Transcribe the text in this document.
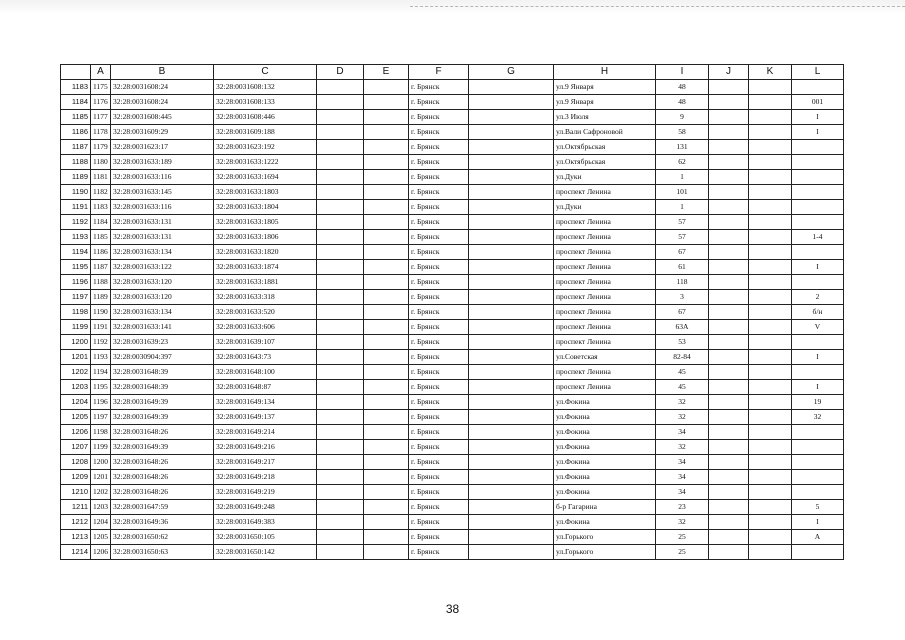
	A	B	C	D	E	F	G	H	I	J	K	L
1183	1175	32:28:0031608:24	32:28:0031608:132			г. Брянск		ул.9 Января	48			
1184	1176	32:28:0031608:24	32:28:0031608:133			г. Брянск		ул.9 Января	48			001
1185	1177	32:28:0031608:445	32:28:0031608:446			г. Брянск		ул.3 Июля	9			I
1186	1178	32:28:0031609:29	32:28:0031609:188			г. Брянск		ул.Вали Сафроновой	58			I
1187	1179	32:28:0031623:17	32:28:0031623:192			г. Брянск		ул.Октябрьская	131			
1188	1180	32:28:0031633:189	32:28:0031633:1222			г. Брянск		ул.Октябрьская	62			
1189	1181	32:28:0031633:116	32:28:0031633:1694			г. Брянск		ул.Дуки	1			
1190	1182	32:28:0031633:145	32:28:0031633:1803			г. Брянск		проспект Ленина	101			
1191	1183	32:28:0031633:116	32:28:0031633:1804			г. Брянск		ул.Дуки	1			
1192	1184	32:28:0031633:131	32:28:0031633:1805			г. Брянск		проспект Ленина	57			
1193	1185	32:28:0031633:131	32:28:0031633:1806			г. Брянск		проспект Ленина	57			1-4
1194	1186	32:28:0031633:134	32:28:0031633:1820			г. Брянск		проспект Ленина	67			
1195	1187	32:28:0031633:122	32:28:0031633:1874			г. Брянск		проспект Ленина	61			I
1196	1188	32:28:0031633:120	32:28:0031633:1881			г. Брянск		проспект Ленина	118			
1197	1189	32:28:0031633:120	32:28:0031633:318			г. Брянск		проспект Ленина	3			2
1198	1190	32:28:0031633:134	32:28:0031633:520			г. Брянск		проспект Ленина	67			б/н
1199	1191	32:28:0031633:141	32:28:0031633:606			г. Брянск		проспект Ленина	63А			V
1200	1192	32:28:0031639:23	32:28:0031639:107			г. Брянск		проспект Ленина	53			
1201	1193	32:28:0030904:397	32:28:0031643:73			г. Брянск		ул.Советская	82-84			I
1202	1194	32:28:0031648:39	32:28:0031648:100			г. Брянск		проспект Ленина	45			
1203	1195	32:28:0031648:39	32:28:0031648:87			г. Брянск		проспект Ленина	45			I
1204	1196	32:28:0031649:39	32:28:0031649:134			г. Брянск		ул.Фокина	32			19
1205	1197	32:28:0031649:39	32:28:0031649:137			г. Брянск		ул.Фокина	32			32
1206	1198	32:28:0031648:26	32:28:0031649:214			г. Брянск		ул.Фокина	34			
1207	1199	32:28:0031649:39	32:28:0031649:216			г. Брянск		ул.Фокина	32			
1208	1200	32:28:0031648:26	32:28:0031649:217			г. Брянск		ул.Фокина	34			
1209	1201	32:28:0031648:26	32:28:0031649:218			г. Брянск		ул.Фокина	34			
1210	1202	32:28:0031648:26	32:28:0031649:219			г. Брянск		ул.Фокина	34			
1211	1203	32:28:0031647:59	32:28:0031649:248			г. Брянск		б-р Гагарина	23			5
1212	1204	32:28:0031649:36	32:28:0031649:383			г. Брянск		ул.Фокина	32			I
1213	1205	32:28:0031650:62	32:28:0031650:105			г. Брянск		ул.Горького	25			А
1214	1206	32:28:0031650:63	32:28:0031650:142			г. Брянск		ул.Горького	25			
38
